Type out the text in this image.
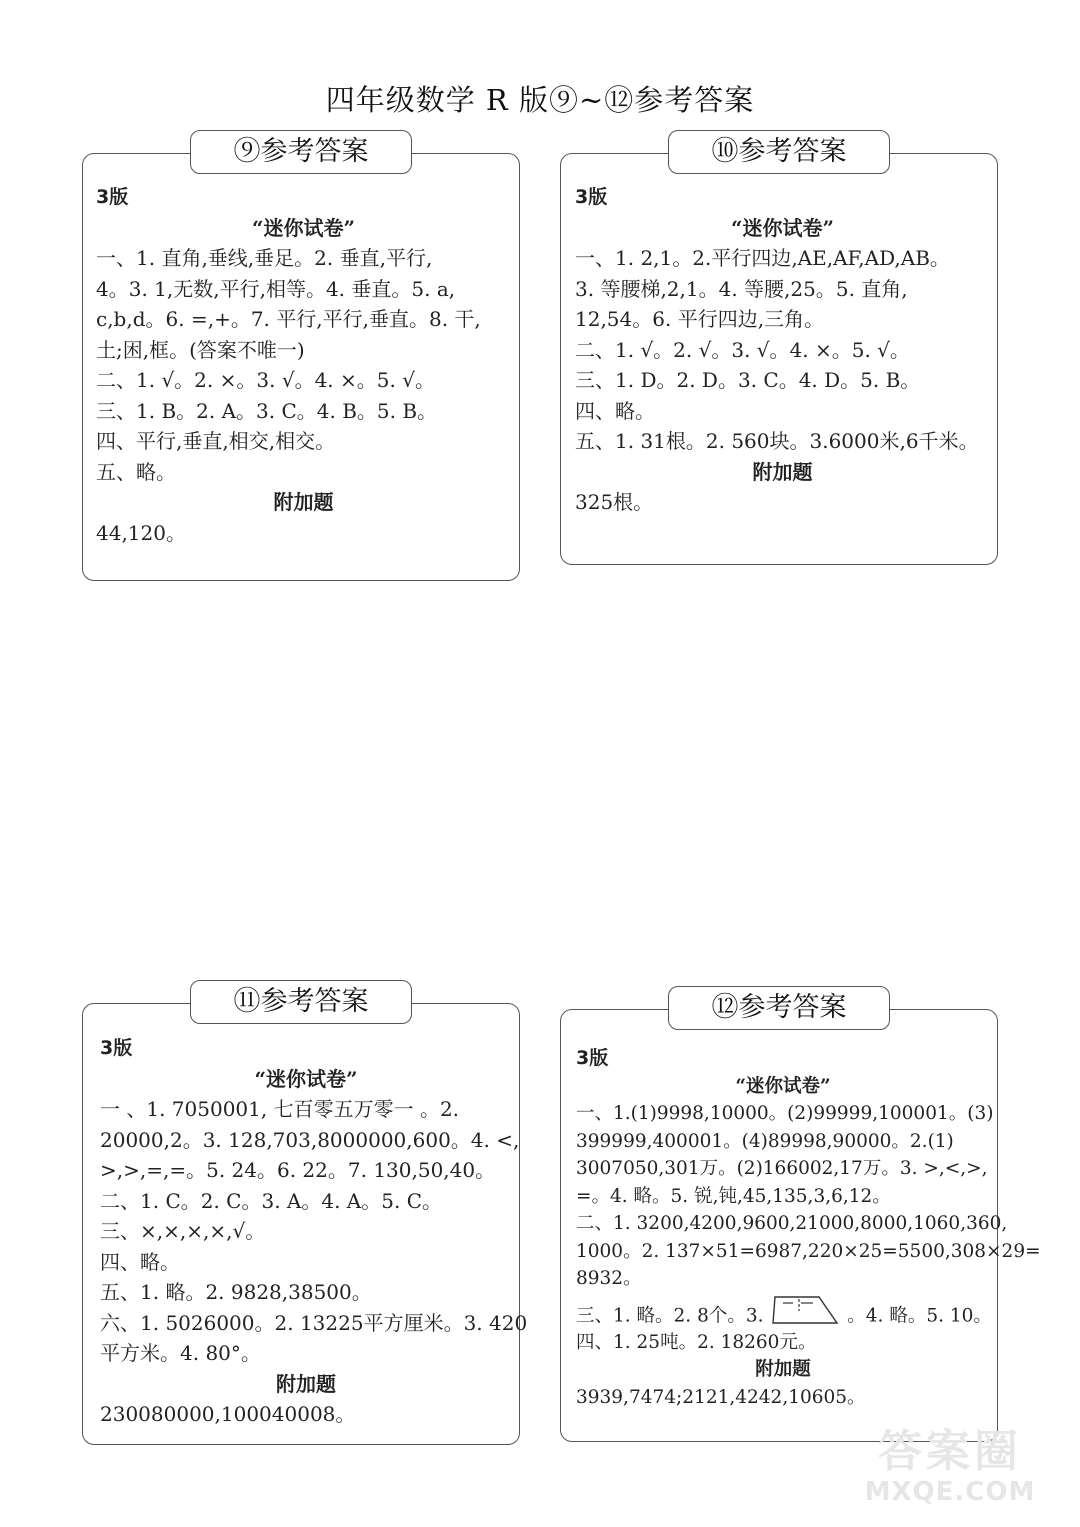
四年级数学 R 版⑨~⑫参考答案
⑨参考答案
3版
“迷你试卷”
一、1. 直角,垂线,垂足。2. 垂直,平行,
4。3. 1,无数,平行,相等。4. 垂直。5. a,
c,b,d。6. =,+。7. 平行,平行,垂直。8. 干,
土;困,框。(答案不唯一)
二、1. √。2. ×。3. √。4. ×。5. √。
三、1. B。2. A。3. C。4. B。5. B。
四、平行,垂直,相交,相交。
五、略。
附加题
44,120。
⑩参考答案
3版
“迷你试卷”
一、1. 2,1。2.平行四边,AE,AF,AD,AB。
3. 等腰梯,2,1。4. 等腰,25。5. 直角,
12,54。6. 平行四边,三角。
二、1. √。2. √。3. √。4. ×。5. √。
三、1. D。2. D。3. C。4. D。5. B。
四、略。
五、1. 31根。2. 560块。3.6000米,6千米。
附加题
325根。
⑪参考答案
3版
“迷你试卷”
一 、1. 7050001, 七百零五万零一 。2.
20000,2。3. 128,703,8000000,600。4. <,
>,>,=,=。5. 24。6. 22。7. 130,50,40。
二、1. C。2. C。3. A。4. A。5. C。
三、×,×,×,×,√。
四、略。
五、1. 略。2. 9828,38500。
六、1. 5026000。2. 13225平方厘米。3. 420
平方米。4. 80°。
附加题
230080000,100040008。
⑫参考答案
3版
“迷你试卷”
一、1.(1)9998,10000。(2)99999,100001。(3)
399999,400001。(4)89998,90000。2.(1)
3007050,301万。(2)166002,17万。3. >,<,>,
=。4. 略。5. 锐,钝,45,135,3,6,12。
二、1. 3200,4200,9600,21000,8000,1060,360,
1000。2. 137×51=6987,220×25=5500,308×29=
8932。
三、1. 略。2. 8个。3.	。4. 略。5. 10。
四、1. 25吨。2. 18260元。
附加题
3939,7474;2121,4242,10605。
答案圈
MXQE.COM
